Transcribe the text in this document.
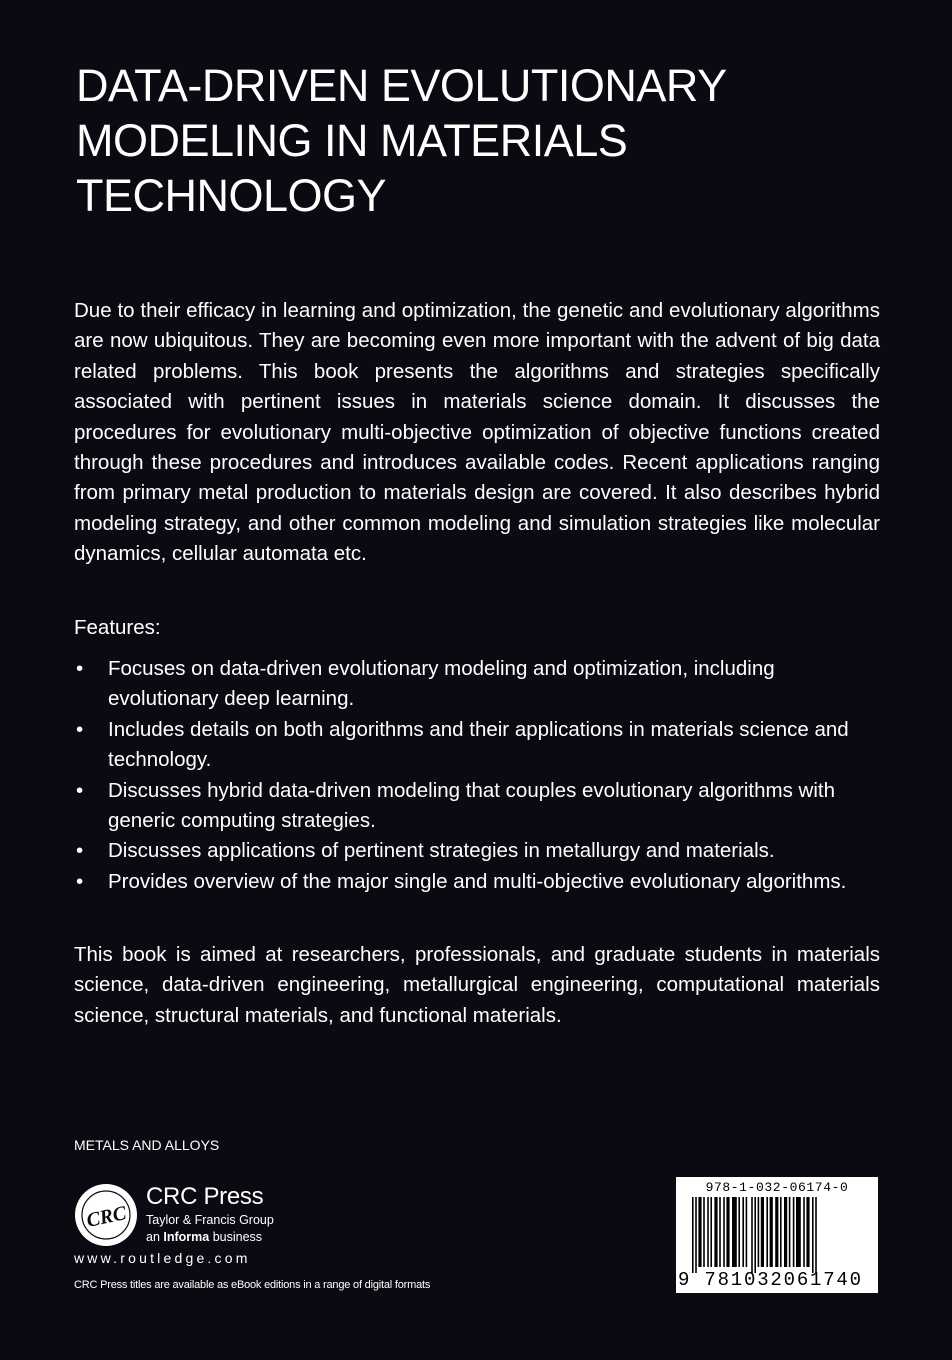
DATA-DRIVEN EVOLUTIONARY
MODELING IN MATERIALS
TECHNOLOGY

Due to their efficacy in learning and optimization, the genetic and evolutionary algorithms are now ubiquitous. They are becoming even more important with the advent of big data related problems. This book presents the algorithms and strategies specifically associated with pertinent issues in materials science domain. It discusses the procedures for evolutionary multi-objective optimization of objective functions created through these procedures and introduces available codes. Recent applications ranging from primary metal production to materials design are covered. It also describes hybrid modeling strategy, and other common modeling and simulation strategies like molecular dynamics, cellular automata etc.

Features:

• Focuses on data-driven evolutionary modeling and optimization, including evolutionary deep learning.
• Includes details on both algorithms and their applications in materials science and technology.
• Discusses hybrid data-driven modeling that couples evolutionary algorithms with generic computing strategies.
• Discusses applications of pertinent strategies in metallurgy and materials.
• Provides overview of the major single and multi-objective evolutionary algorithms.

This book is aimed at researchers, professionals, and graduate students in materials science, data-driven engineering, metallurgical engineering, computational materials science, structural materials, and functional materials.

METALS AND ALLOYS

CRC
CRC Press
Taylor & Francis Group
an Informa business

www.routledge.com

CRC Press titles are available as eBook editions in a range of digital formats

978-1-032-06174-0
9 781032061740
